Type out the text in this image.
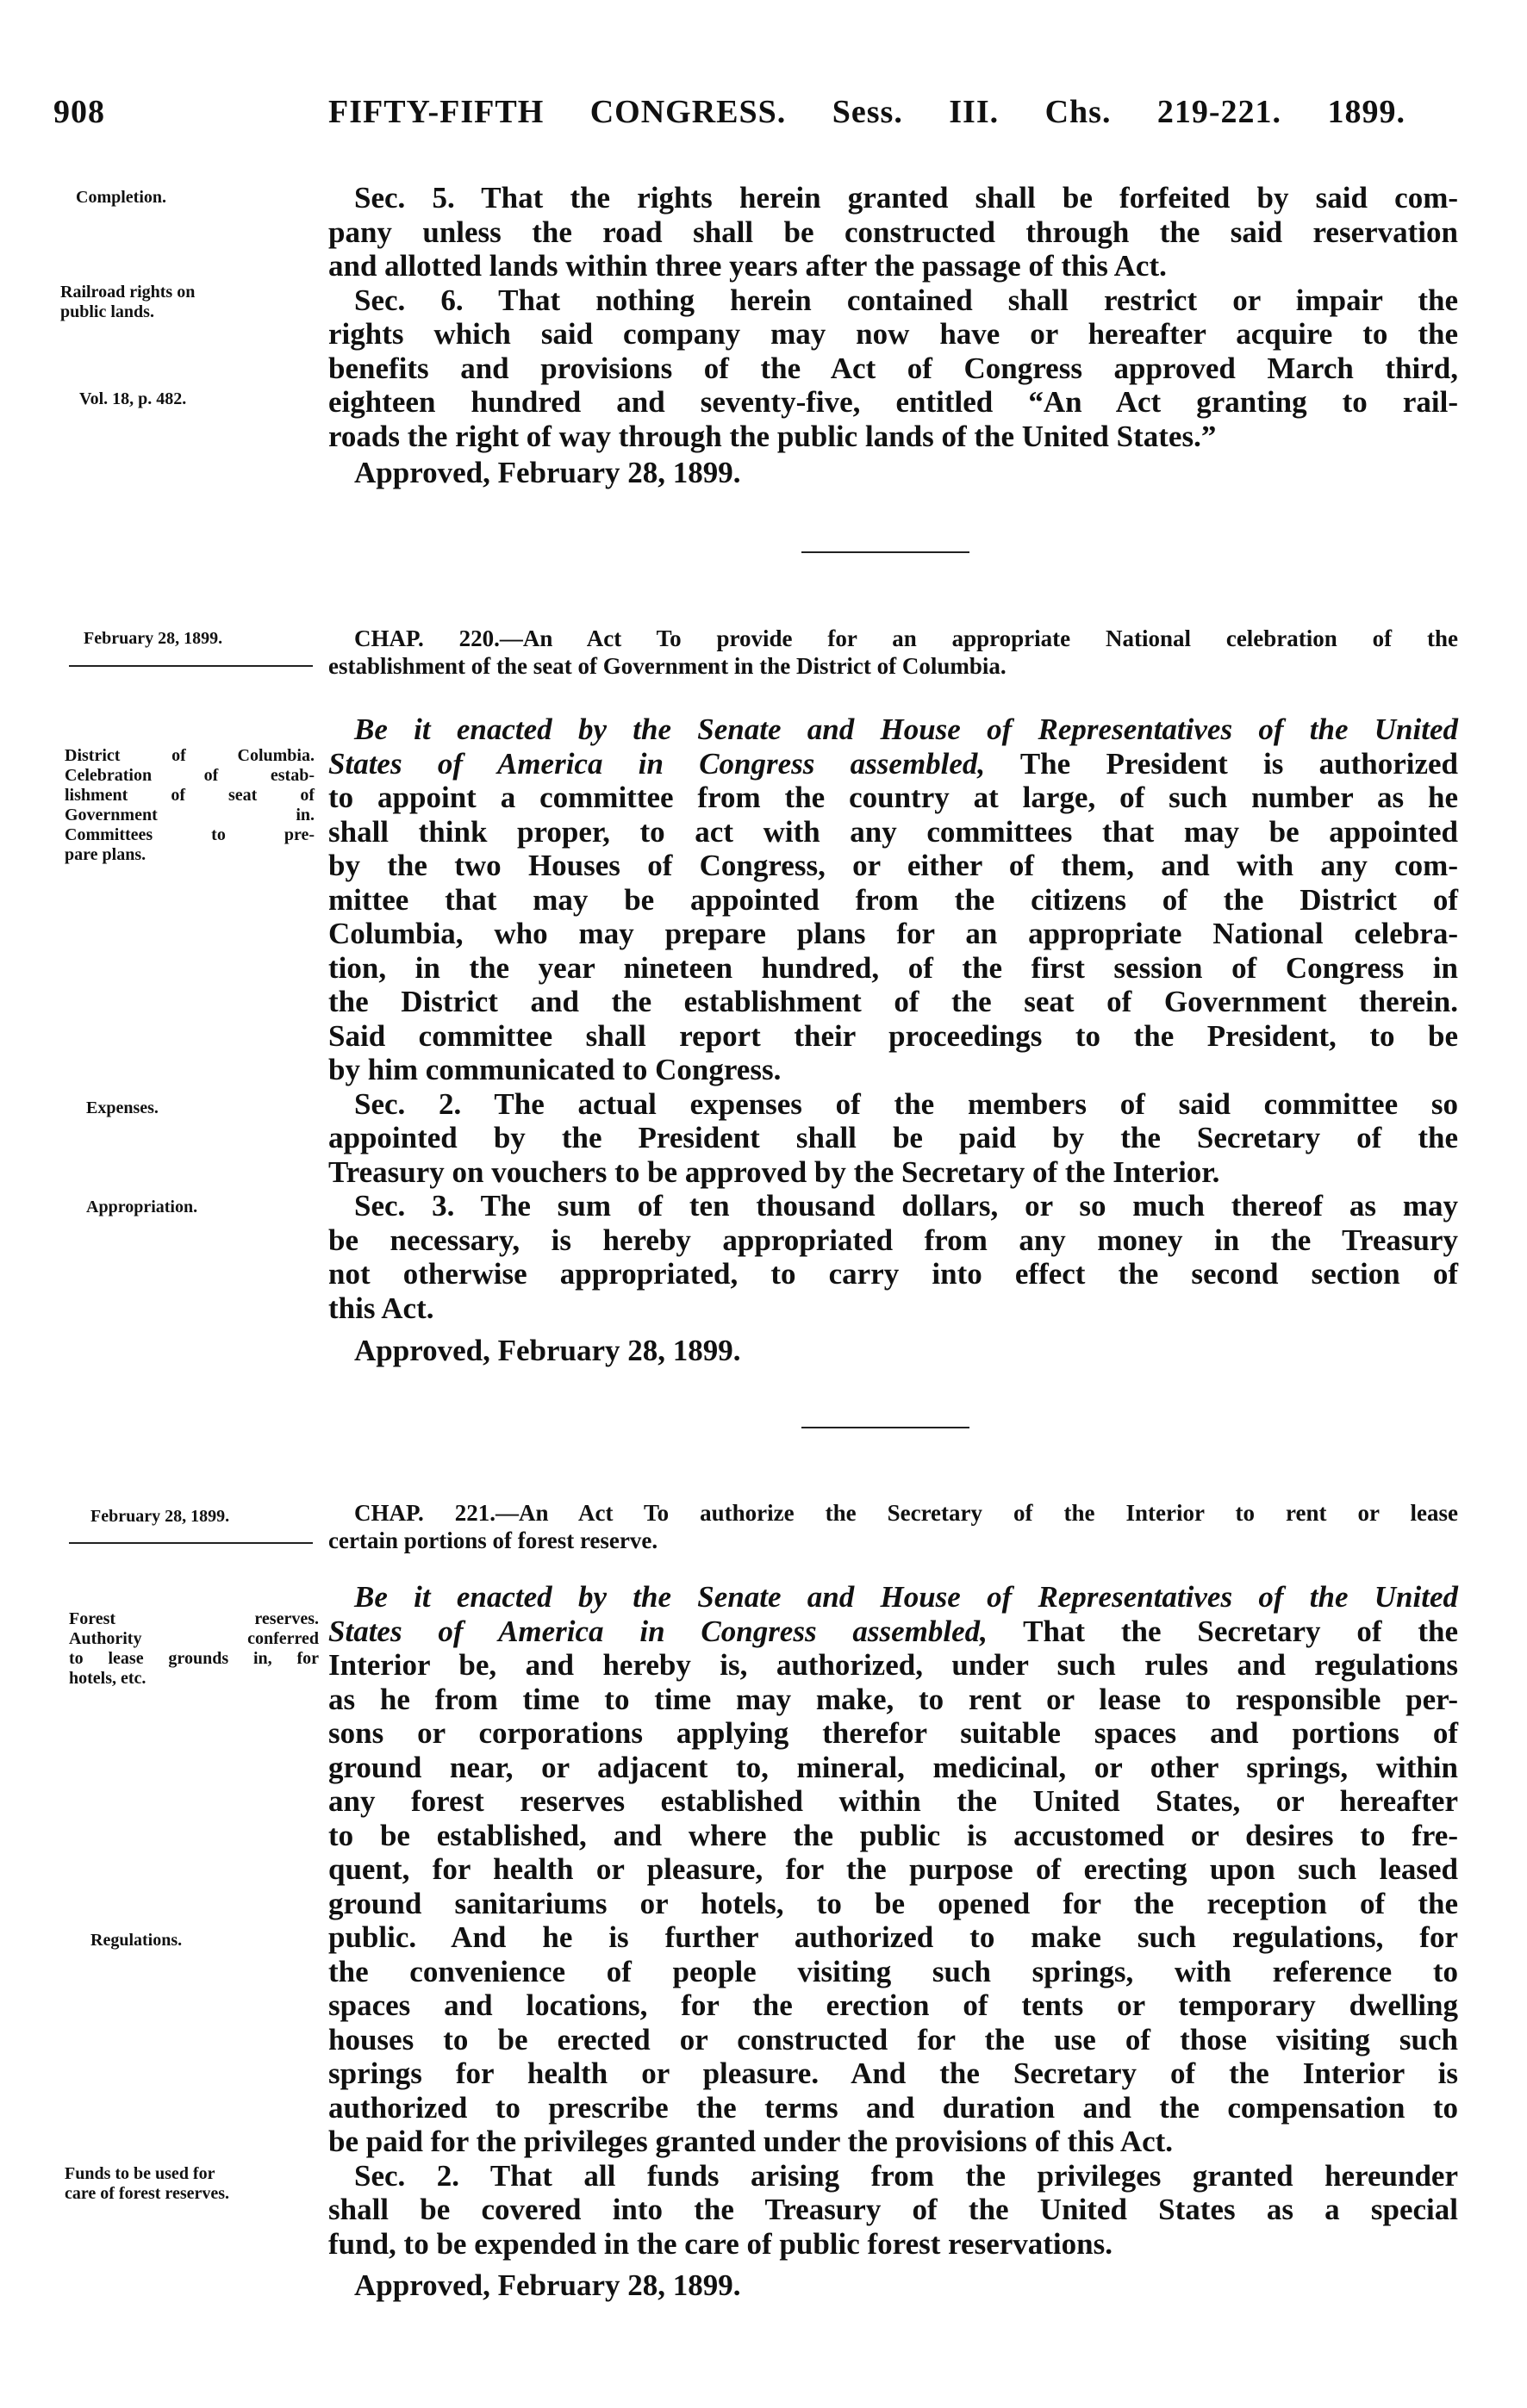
908	FIFTY-FIFTH CONGRESS. Sess. III. Chs. 219-221. 1899.
Sec. 5. That the rights herein granted shall be forfeited by said com-
pany unless the road shall be constructed through the said reservation
and allotted lands within three years after the passage of this Act.
Sec. 6. That nothing herein contained shall restrict or impair the
rights which said company may now have or hereafter acquire to the
benefits and provisions of the Act of Congress approved March third,
eighteen hundred and seventy-five, entitled “An Act granting to rail-
roads the right of way through the public lands of the United States.”
Approved, February 28, 1899.
CHAP. 220.—An Act To provide for an appropriate National celebration of the
establishment of the seat of Government in the District of Columbia.
Be it enacted by the Senate and House of Representatives of the United
States of America in Congress assembled, The President is authorized
to appoint a committee from the country at large, of such number as he
shall think proper, to act with any committees that may be appointed
by the two Houses of Congress, or either of them, and with any com-
mittee that may be appointed from the citizens of the District of
Columbia, who may prepare plans for an appropriate National celebra-
tion, in the year nineteen hundred, of the first session of Congress in
the District and the establishment of the seat of Government therein.
Said committee shall report their proceedings to the President, to be
by him communicated to Congress.
Sec. 2. The actual expenses of the members of said committee so
appointed by the President shall be paid by the Secretary of the
Treasury on vouchers to be approved by the Secretary of the Interior.
Sec. 3. The sum of ten thousand dollars, or so much thereof as may
be necessary, is hereby appropriated from any money in the Treasury
not otherwise appropriated, to carry into effect the second section of
this Act.
Approved, February 28, 1899.
CHAP. 221.—An Act To authorize the Secretary of the Interior to rent or lease
certain portions of forest reserve.
Be it enacted by the Senate and House of Representatives of the United
States of America in Congress assembled, That the Secretary of the
Interior be, and hereby is, authorized, under such rules and regulations
as he from time to time may make, to rent or lease to responsible per-
sons or corporations applying therefor suitable spaces and portions of
ground near, or adjacent to, mineral, medicinal, or other springs, within
any forest reserves established within the United States, or hereafter
to be established, and where the public is accustomed or desires to fre-
quent, for health or pleasure, for the purpose of erecting upon such leased
ground sanitariums or hotels, to be opened for the reception of the
public. And he is further authorized to make such regulations, for
the convenience of people visiting such springs, with reference to
spaces and locations, for the erection of tents or temporary dwelling
houses to be erected or constructed for the use of those visiting such
springs for health or pleasure. And the Secretary of the Interior is
authorized to prescribe the terms and duration and the compensation to
be paid for the privileges granted under the provisions of this Act.
Sec. 2. That all funds arising from the privileges granted hereunder
shall be covered into the Treasury of the United States as a special
fund, to be expended in the care of public forest reservations.
Approved, February 28, 1899.
Completion.
Railroad rights on
public lands.
Vol. 18, p. 482.
February 28, 1899.
District of Columbia.
Celebration of estab-
lishment of seat of
Government in.
Committees to pre-
pare plans.
Expenses.
Appropriation.
February 28, 1899.
Forest reserves.
Authority conferred
to lease grounds in, for
hotels, etc.
Regulations.
Funds to be used for
care of forest reserves.
